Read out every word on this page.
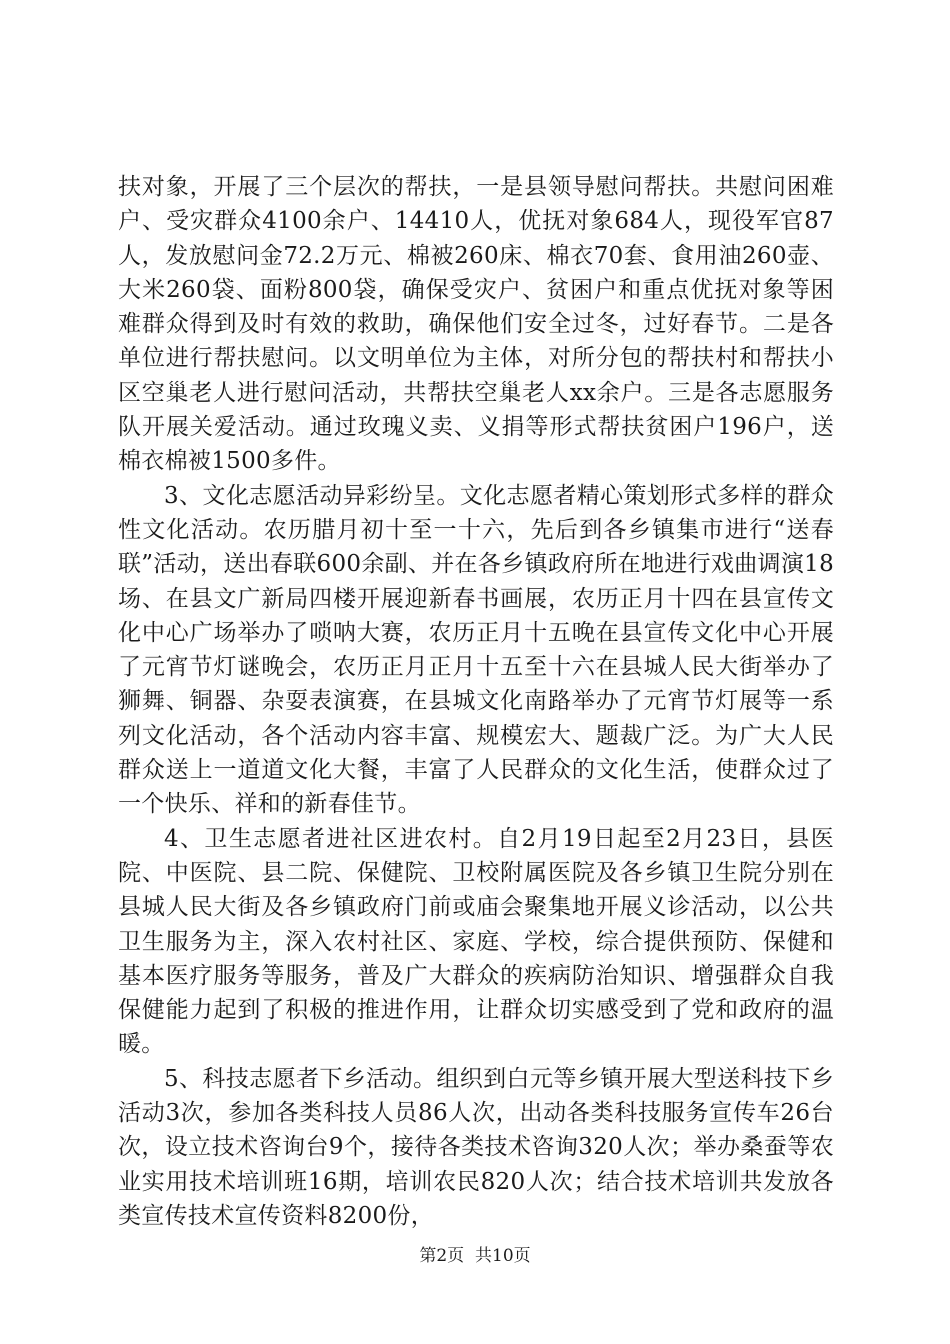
扶对象，开展了三个层次的帮扶，一是县领导慰问帮扶。共慰问困难户、受灾群众4100余户、14410人，优抚对象684人，现役军官87人，发放慰问金72.2万元、棉被260床、棉衣70套、食用油260壶、大米260袋、面粉800袋，确保受灾户、贫困户和重点优抚对象等困难群众得到及时有效的救助，确保他们安全过冬，过好春节。二是各单位进行帮扶慰问。以文明单位为主体，对所分包的帮扶村和帮扶小区空巢老人进行慰问活动，共帮扶空巢老人xx余户。三是各志愿服务队开展关爱活动。通过玫瑰义卖、义捐等形式帮扶贫困户196户，送棉衣棉被1500多件。

3、文化志愿活动异彩纷呈。文化志愿者精心策划形式多样的群众性文化活动。农历腊月初十至一十六，先后到各乡镇集市进行“送春联”活动，送出春联600余副、并在各乡镇政府所在地进行戏曲调演18场、在县文广新局四楼开展迎新春书画展，农历正月十四在县宣传文化中心广场举办了唢呐大赛，农历正月十五晚在县宣传文化中心开展了元宵节灯谜晚会，农历正月正月十五至十六在县城人民大街举办了狮舞、铜器、杂耍表演赛，在县城文化南路举办了元宵节灯展等一系列文化活动，各个活动内容丰富、规模宏大、题裁广泛。为广大人民群众送上一道道文化大餐，丰富了人民群众的文化生活，使群众过了一个快乐、祥和的新春佳节。

4、卫生志愿者进社区进农村。自2月19日起至2月23日，县医院、中医院、县二院、保健院、卫校附属医院及各乡镇卫生院分别在县城人民大街及各乡镇政府门前或庙会聚集地开展义诊活动，以公共卫生服务为主，深入农村社区、家庭、学校，综合提供预防、保健和基本医疗服务等服务，普及广大群众的疾病防治知识、增强群众自我保健能力起到了积极的推进作用，让群众切实感受到了党和政府的温暖。

5、科技志愿者下乡活动。组织到白元等乡镇开展大型送科技下乡活动3次，参加各类科技人员86人次，出动各类科技服务宣传车26台次，设立技术咨询台9个，接待各类技术咨询320人次；举办桑蚕等农业实用技术培训班16期，培训农民820人次；结合技术培训共发放各类宣传技术宣传资料8200份，

第2页 共10页
